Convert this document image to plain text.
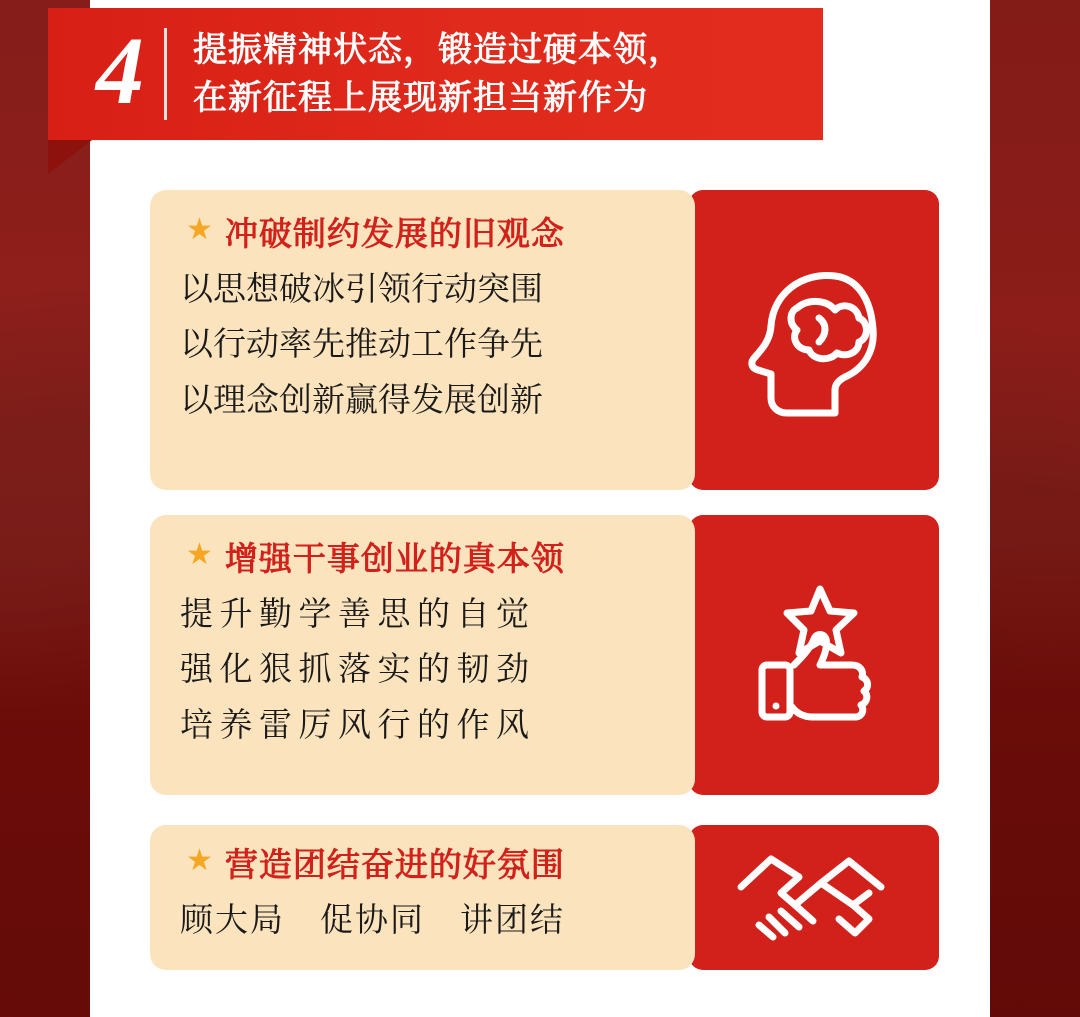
4	提振精神状态，锻造过硬本领，
在新征程上展现新担当新作为
★ 冲破制约发展的旧观念
以思想破冰引领行动突围
以行动率先推动工作争先
以理念创新赢得发展创新
★ 增强干事创业的真本领
提升勤学善思的自觉
强化狠抓落实的韧劲
培养雷厉风行的作风
★ 营造团结奋进的好氛围
顾大局　促协同　讲团结
